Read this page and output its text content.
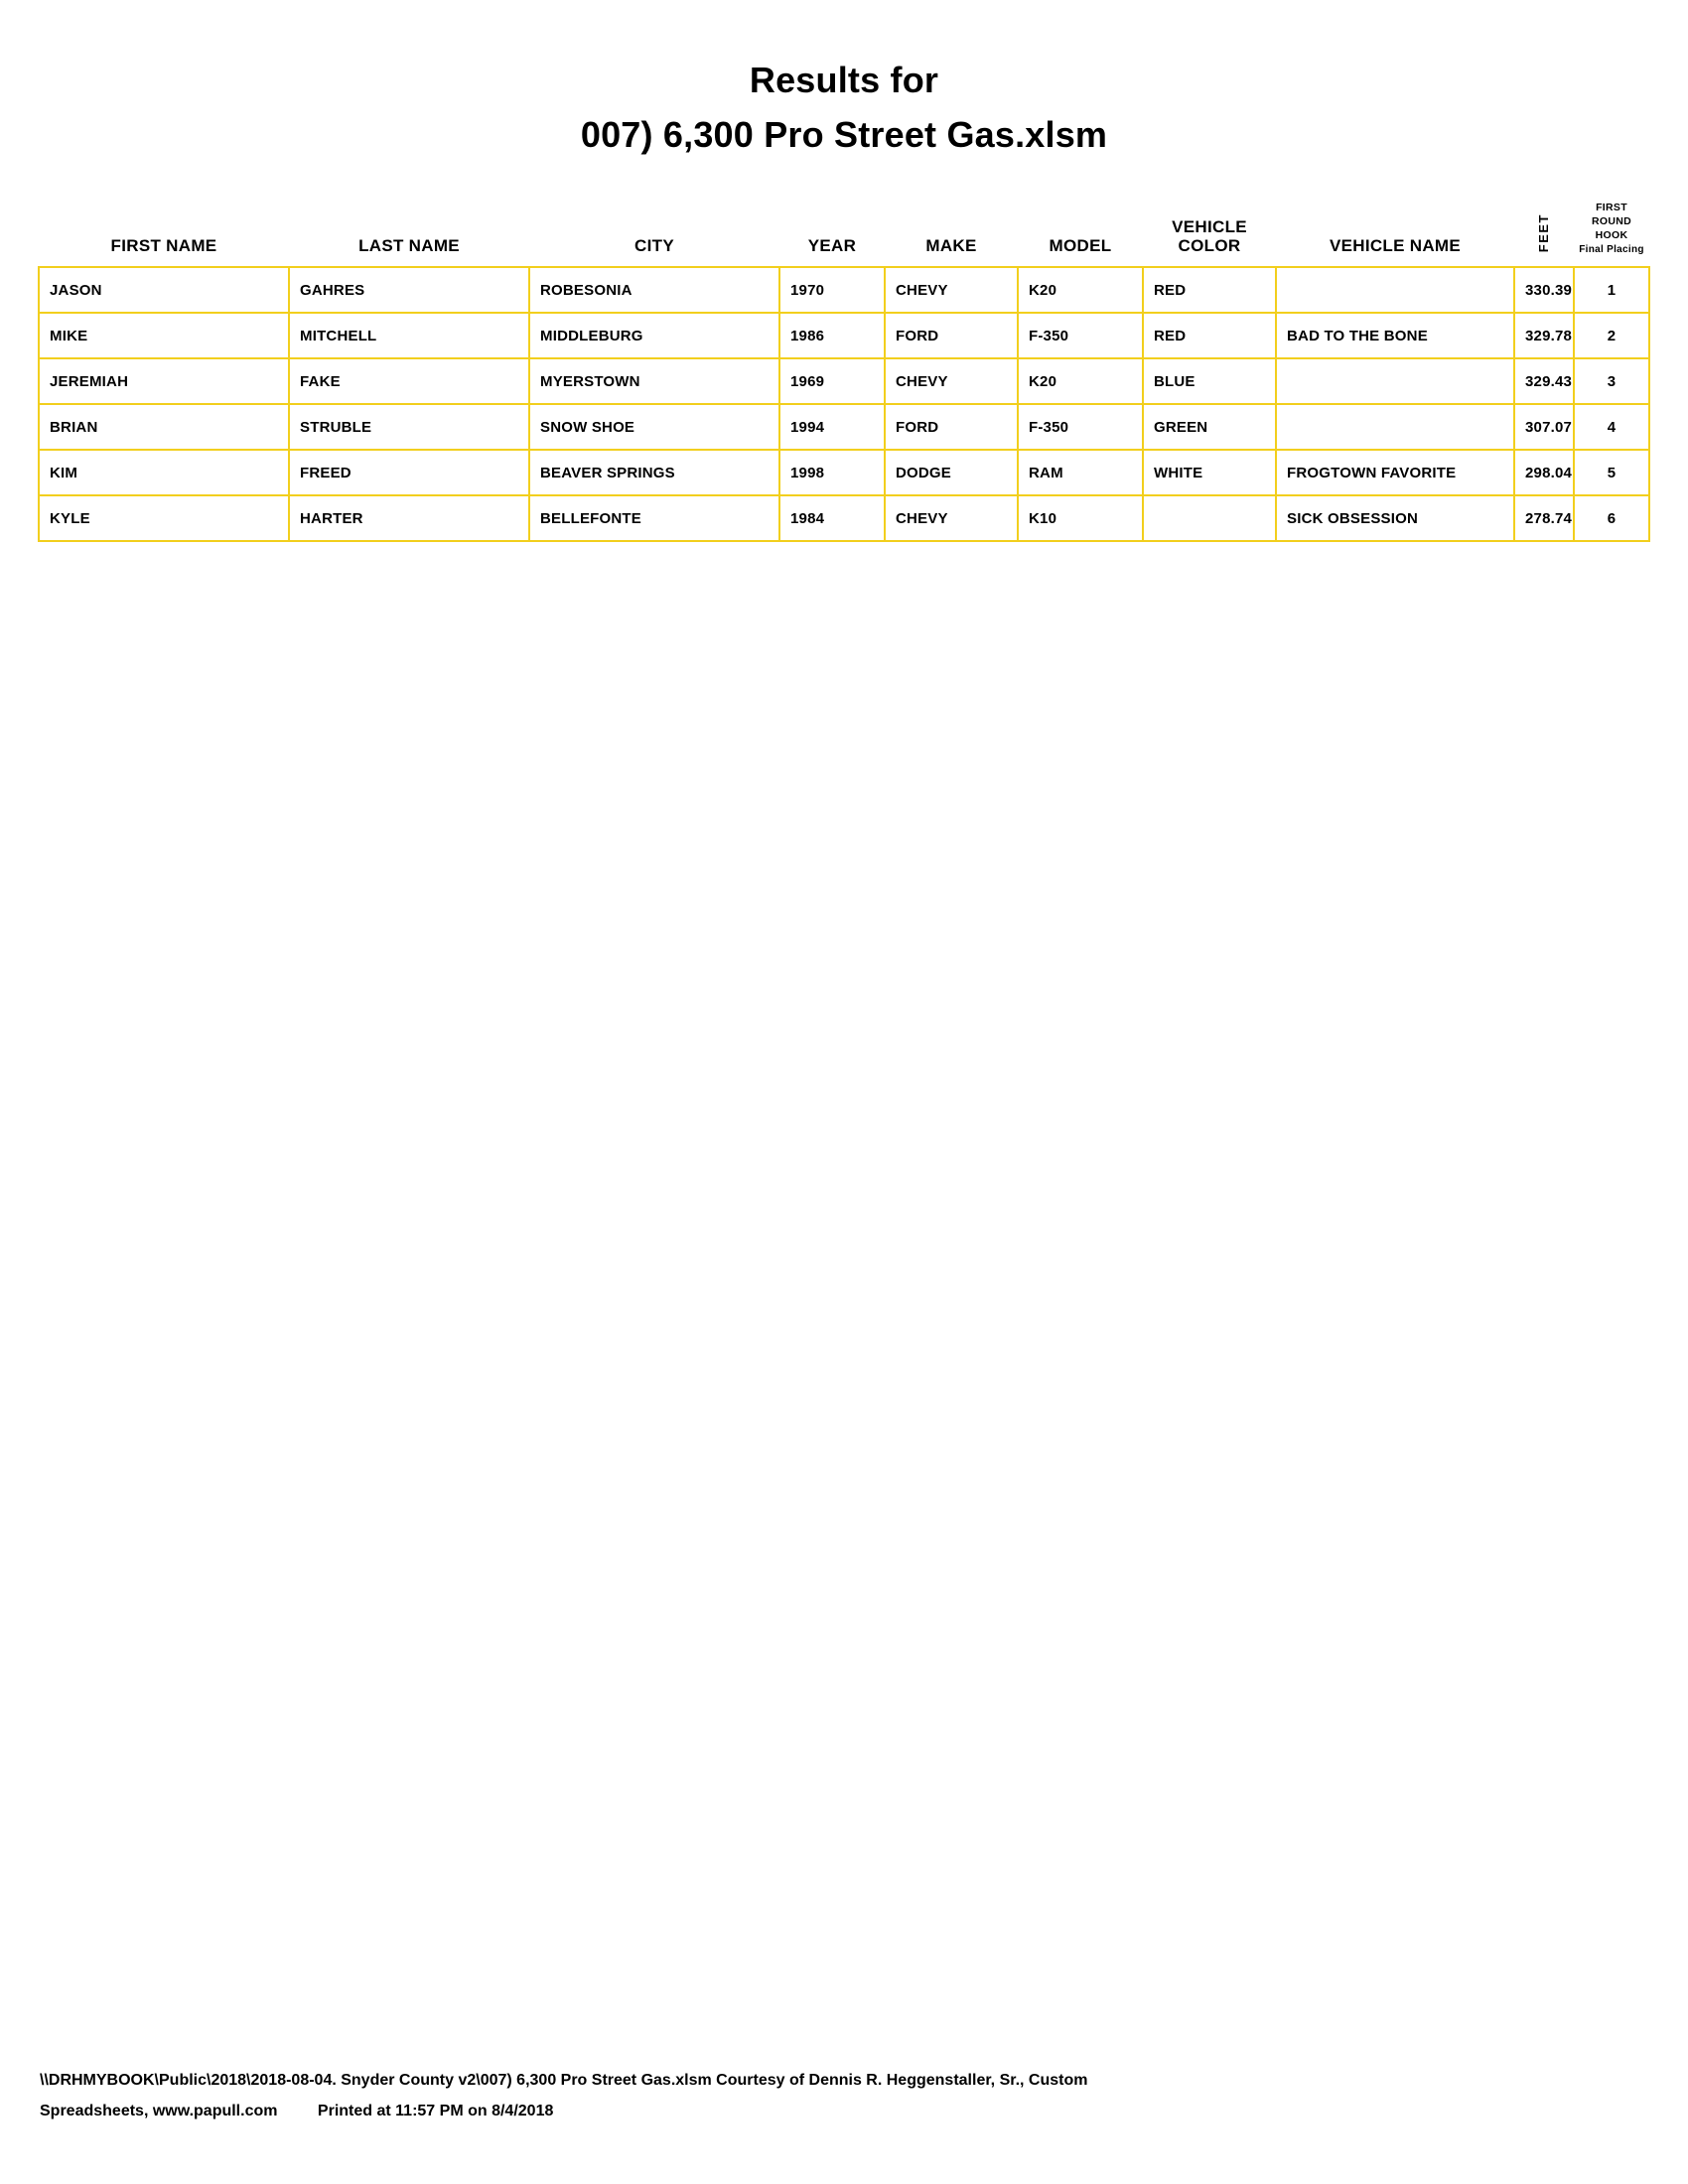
Results for
007) 6,300 Pro Street Gas.xlsm
FIRST NAME	LAST NAME	CITY	YEAR	MAKE	MODEL	VEHICLE COLOR	VEHICLE NAME	FEET	FIRST ROUND
HOOK
Final Placing

JASON	GAHRES	ROBESONIA	1970	CHEVY	K20	RED		330.39	1
MIKE	MITCHELL	MIDDLEBURG	1986	FORD	F-350	RED	BAD TO THE BONE	329.78	2
JEREMIAH	FAKE	MYERSTOWN	1969	CHEVY	K20	BLUE		329.43	3
BRIAN	STRUBLE	SNOW SHOE	1994	FORD	F-350	GREEN		307.07	4
KIM	FREED	BEAVER SPRINGS	1998	DODGE	RAM	WHITE	FROGTOWN FAVORITE	298.04	5
KYLE	HARTER	BELLEFONTE	1984	CHEVY	K10		SICK OBSESSION	278.74	6
\\DRHMYBOOK\Public\2018\2018-08-04. Snyder County v2\007) 6,300 Pro Street Gas.xlsm Courtesy of Dennis R. Heggenstaller, Sr., Custom
Spreadsheets, www.papull.com	Printed at 11:57 PM on 8/4/2018
